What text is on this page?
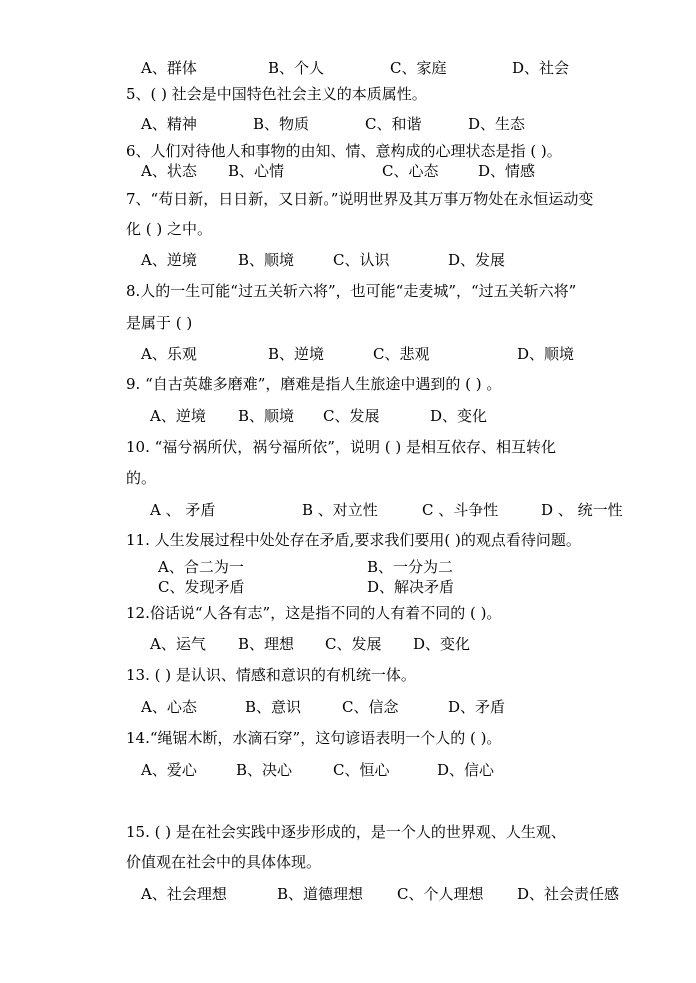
A、群体	B、个人	C、家庭	D、社会
5、( ) 社会是中国特色社会主义的本质属性。
A、精神	B、物质	C、和谐	D、生态
6、人们对待他人和事物的由知、情、意构成的心理状态是指 ( )。
A、状态 B、心情	C、心态	D、情感
7、“苟日新，日日新，又日新。”说明世界及其万事万物处在永恒运动变
化 ( ) 之中。
A、逆境	B、顺境	C、认识	D、发展
8.人的一生可能“过五关斩六将”，也可能“走麦城”，“过五关斩六将”
是属于 ( )
A、乐观	B、逆境	C、悲观	D、顺境
9. “自古英雄多磨难”，磨难是指人生旅途中遇到的 ( ) 。
A、逆境 B、顺境 C、发展	D、变化
10. “福兮祸所伏，祸兮福所依”，说明 ( ) 是相互依存、相互转化
的。
A 、 矛盾	B 、对立性	C 、斗争性	D 、 统一性
11. 人生发展过程中处处存在矛盾,要求我们要用( )的观点看待问题。
A、合二为一	B、一分为二
C、发现矛盾	D、解决矛盾
12.俗话说“人各有志”，这是指不同的人有着不同的 ( )。
A、运气 B、理想 C、发展 D、变化
13. ( ) 是认识、情感和意识的有机统一体。
A、心态	B、意识	C、信念	D、矛盾
14.“绳锯木断，水滴石穿”，这句谚语表明一个人的 ( )。
A、爱心	B、决心	C、恒心	D、信心
15. ( ) 是在社会实践中逐步形成的，是一个人的世界观、人生观、
价值观在社会中的具体体现。
A、社会理想	B、道德理想 C、个人理想 D、社会责任感
